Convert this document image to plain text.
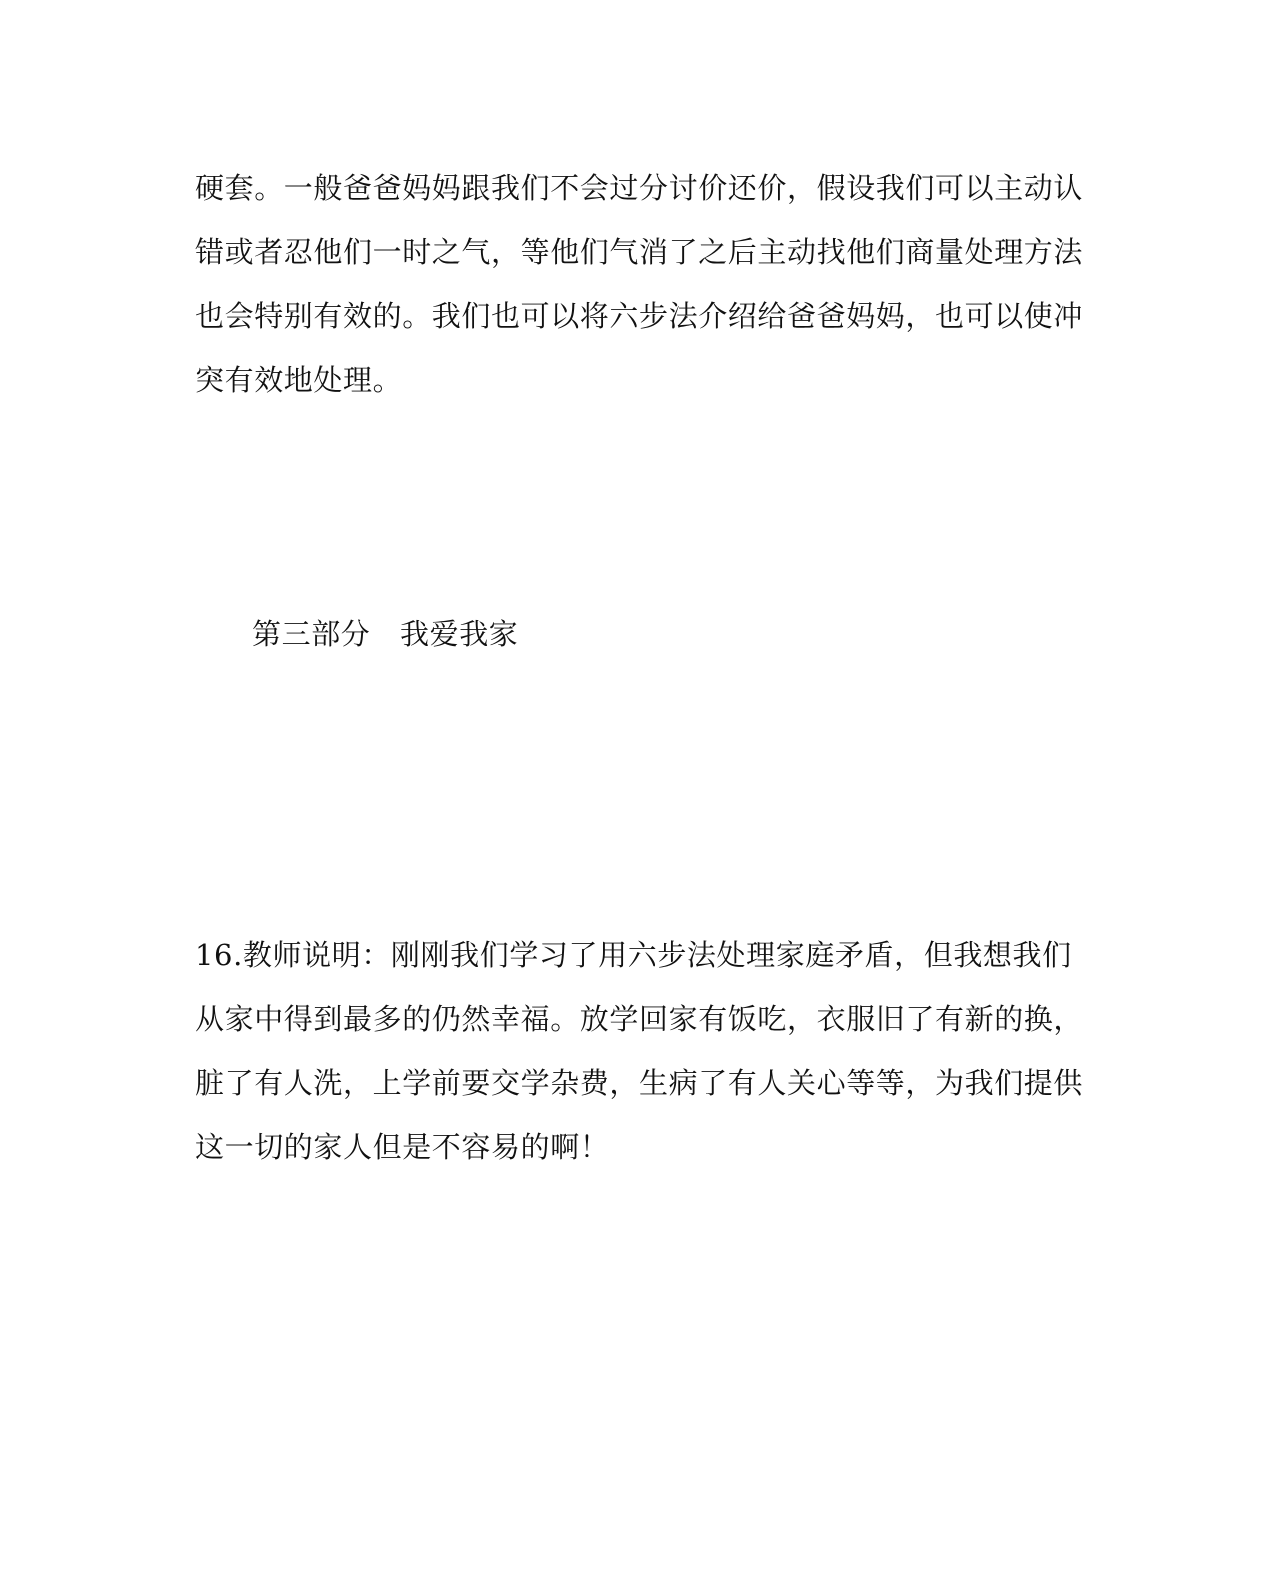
硬套。一般爸爸妈妈跟我们不会过分讨价还价，假设我们可以主动认
错或者忍他们一时之气，等他们气消了之后主动找他们商量处理方法
也会特别有效的。我们也可以将六步法介绍给爸爸妈妈，也可以使冲
突有效地处理。
第三部分　我爱我家
16.教师说明：刚刚我们学习了用六步法处理家庭矛盾，但我想我们
从家中得到最多的仍然幸福。放学回家有饭吃，衣服旧了有新的换，
脏了有人洗，上学前要交学杂费，生病了有人关心等等，为我们提供
这一切的家人但是不容易的啊！
